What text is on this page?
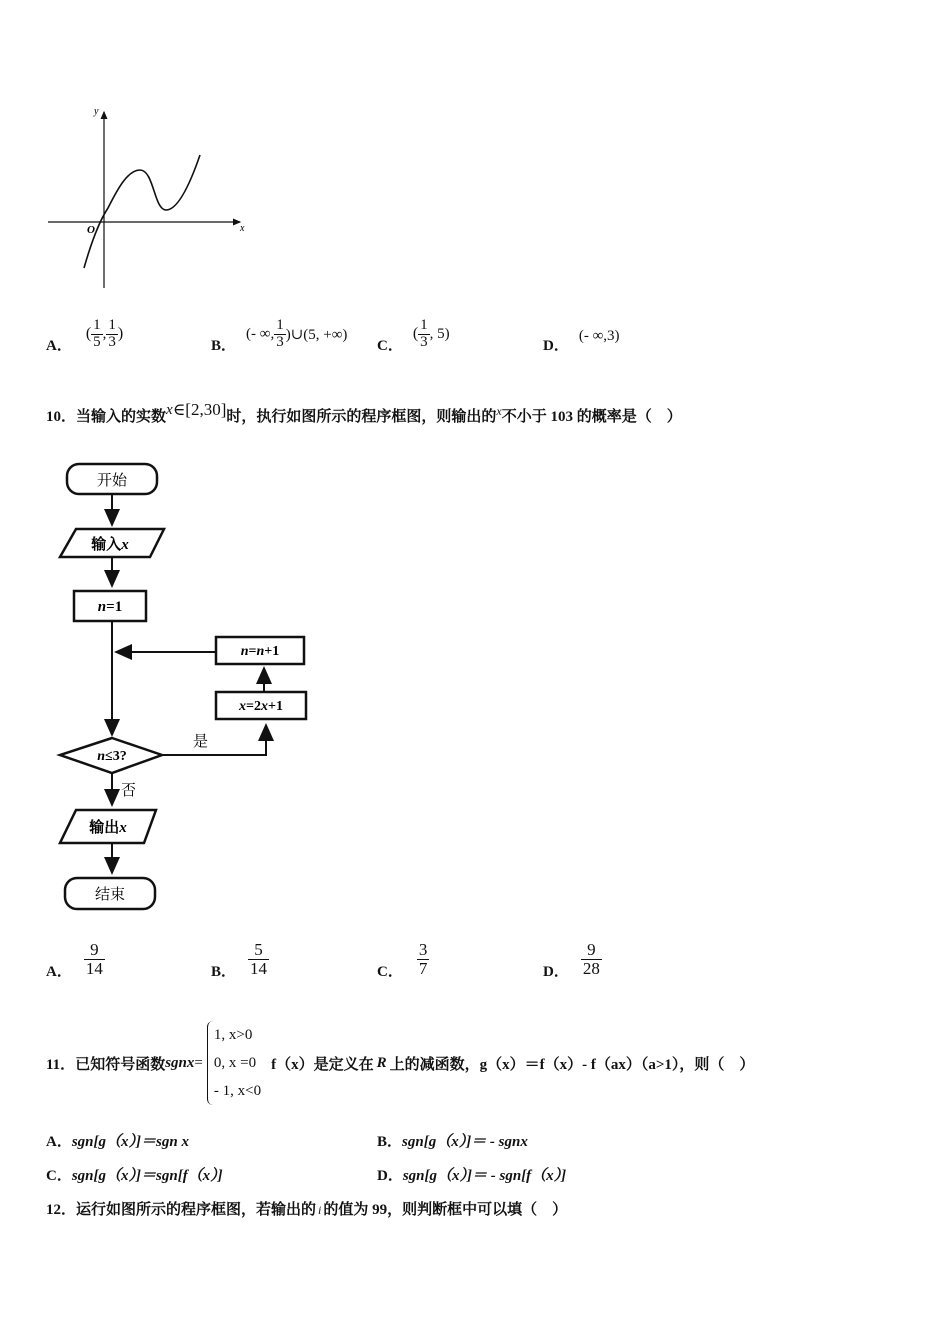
y
x
O
A．
( $\frac{1}{5}$ , $\frac{1}{3}$ )
B．
(- ∞, $\frac{1}{3}$ )∪(5, +∞)
C．
( $\frac{1}{3}$ , 5)
D．
(- ∞,3)
10． 当输入的实数 x ∈[2,30] 时，执行如图所示的程序框图，则输出的 x 不小于 103 的概率是（　）
开始
输入x
n=1
n=n+1
x=2x+1
是
n≤3?
否
输出x
结束
A． $\frac{9}{14}$	B． $\frac{5}{14}$	C． $\frac{3}{7}$	D． $\frac{9}{28}$
11． 已知符号函数 sgnx =
1, x>0
0, x =0
- 1, x<0
f（x）是定义在 R 上的减函数，g（x）＝f（x）- f（ax）（a>1），则（　）
A．sgn[g（x）]＝sgn x	B．sgn[g（x）]＝ - sgnx
C．sgn[g（x）]＝sgn[f（x）]	D．sgn[g（x）]＝ - sgn[f（x）]
12．运行如图所示的程序框图，若输出的 i 的值为 99，则判断框中可以填（　）
